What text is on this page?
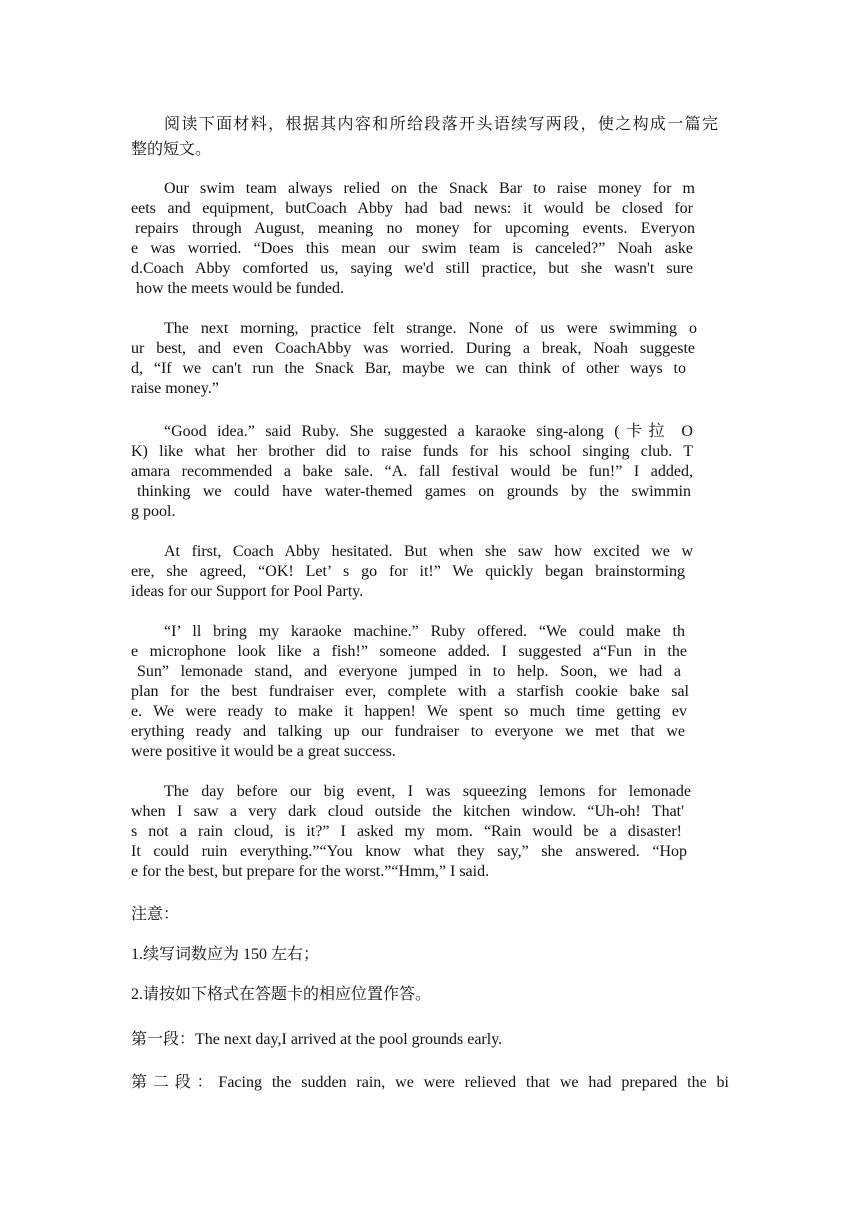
阅读下面材料，根据其内容和所给段落开头语续写两段，使之构成一篇完
整的短文。
Our swim team always relied on the Snack Bar to raise money for m
eets and equipment, butCoach Abby had bad news: it would be closed for
repairs through August, meaning no money for upcoming events. Everyon
e was worried. “Does this mean our swim team is canceled?” Noah aske
d.Coach Abby comforted us, saying we'd still practice, but she wasn't sure
how the meets would be funded.
The next morning, practice felt strange. None of us were swimming o
ur best, and even CoachAbby was worried. During a break, Noah suggeste
d, “If we can't run the Snack Bar, maybe we can think of other ways to
raise money.”
“Good idea.” said Ruby. She suggested a karaoke sing-along (卡拉 O
K) like what her brother did to raise funds for his school singing club. T
amara recommended a bake sale. “A. fall festival would be fun!” I added,
thinking we could have water-themed games on grounds by the swimmin
g pool.
At first, Coach Abby hesitated. But when she saw how excited we w
ere, she agreed, “OK! Let’ s go for it!” We quickly began brainstorming
ideas for our Support for Pool Party.
“I’ ll bring my karaoke machine.” Ruby offered. “We could make th
e microphone look like a fish!” someone added. I suggested a“Fun in the
Sun” lemonade stand, and everyone jumped in to help. Soon, we had a
plan for the best fundraiser ever, complete with a starfish cookie bake sal
e. We were ready to make it happen! We spent so much time getting ev
erything ready and talking up our fundraiser to everyone we met that we
were positive it would be a great success.
The day before our big event, I was squeezing lemons for lemonade
when I saw a very dark cloud outside the kitchen window. “Uh-oh! That'
s not a rain cloud, is it?” I asked my mom. “Rain would be a disaster!
It could ruin everything.”“You know what they say,” she answered. “Hop
e for the best, but prepare for the worst.”“Hmm,” I said.
注意：
1.续写词数应为 150 左右；
2.请按如下格式在答题卡的相应位置作答。
第一段：The next day,I arrived at the pool grounds early.
第二段：Facing the sudden rain, we were relieved that we had prepared the bi
